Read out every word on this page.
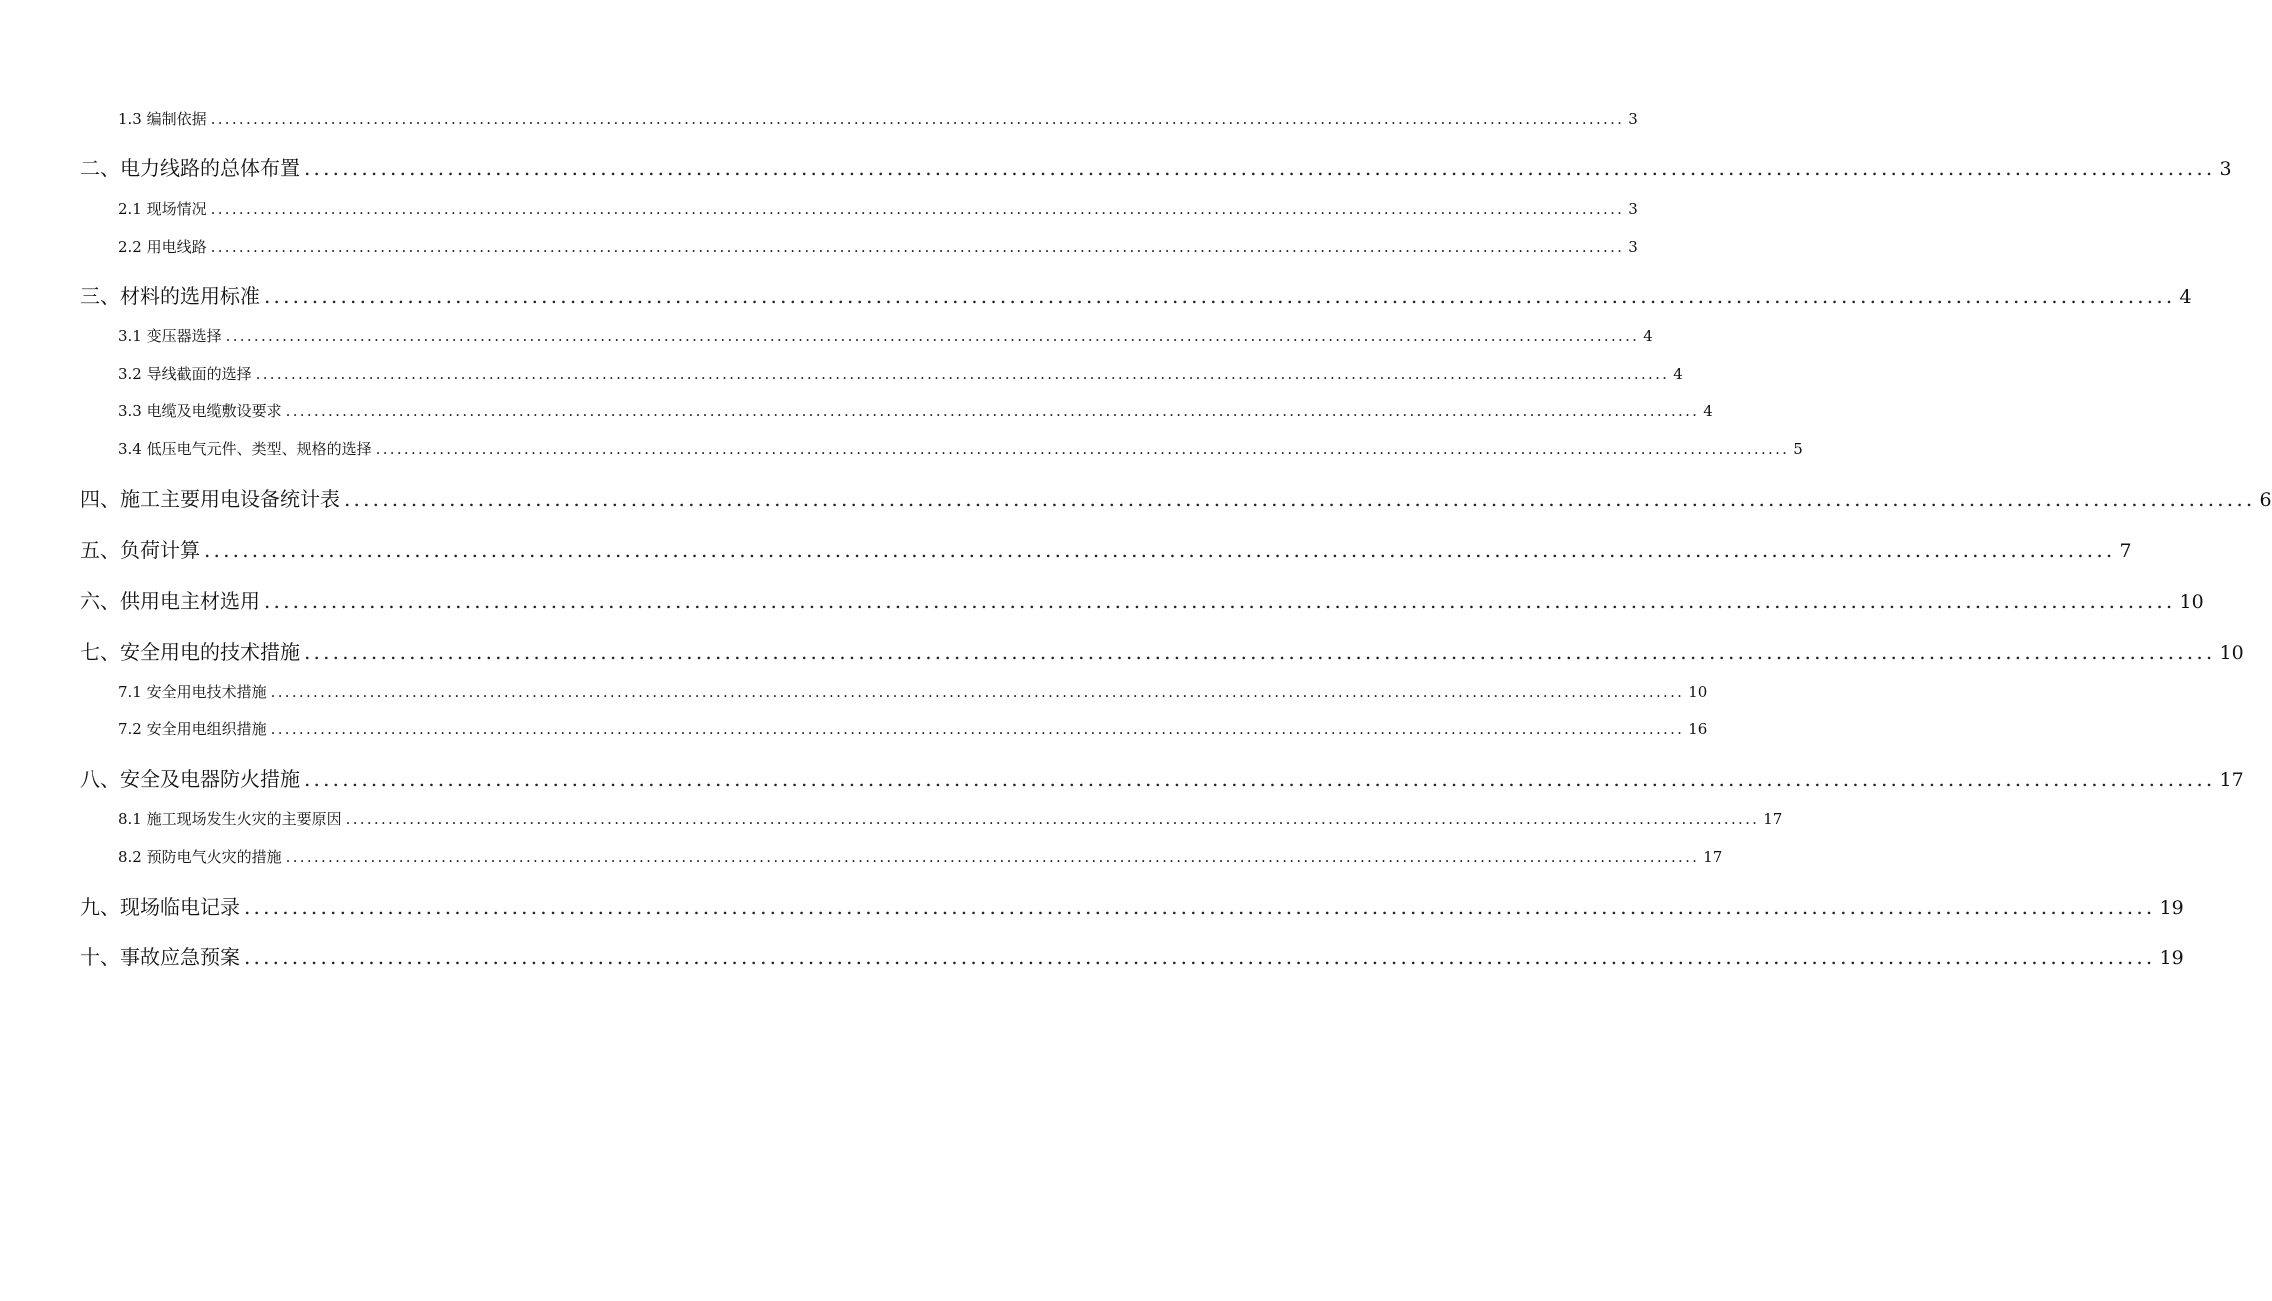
1.3 编制依据 ........................................................................................................................................................................................................ 3
二、电力线路的总体布置 ........................................................................................................................................................................................................ 3
2.1 现场情况 ........................................................................................................................................................................................................ 3
2.2 用电线路 ........................................................................................................................................................................................................ 3
三、材料的选用标准 ........................................................................................................................................................................................................ 4
3.1 变压器选择 ........................................................................................................................................................................................................ 4
3.2 导线截面的选择 ........................................................................................................................................................................................................ 4
3.3 电缆及电缆敷设要求 ........................................................................................................................................................................................................ 4
3.4 低压电气元件、类型、规格的选择 ........................................................................................................................................................................................................ 5
四、施工主要用电设备统计表 ........................................................................................................................................................................................................ 6
五、负荷计算 ........................................................................................................................................................................................................ 7
六、供用电主材选用 ........................................................................................................................................................................................................ 10
七、安全用电的技术措施 ........................................................................................................................................................................................................ 10
7.1 安全用电技术措施 ........................................................................................................................................................................................................ 10
7.2 安全用电组织措施 ........................................................................................................................................................................................................ 16
八、安全及电器防火措施 ........................................................................................................................................................................................................ 17
8.1 施工现场发生火灾的主要原因 ........................................................................................................................................................................................................ 17
8.2 预防电气火灾的措施 ........................................................................................................................................................................................................ 17
九、现场临电记录 ........................................................................................................................................................................................................ 19
十、事故应急预案 ........................................................................................................................................................................................................ 19
